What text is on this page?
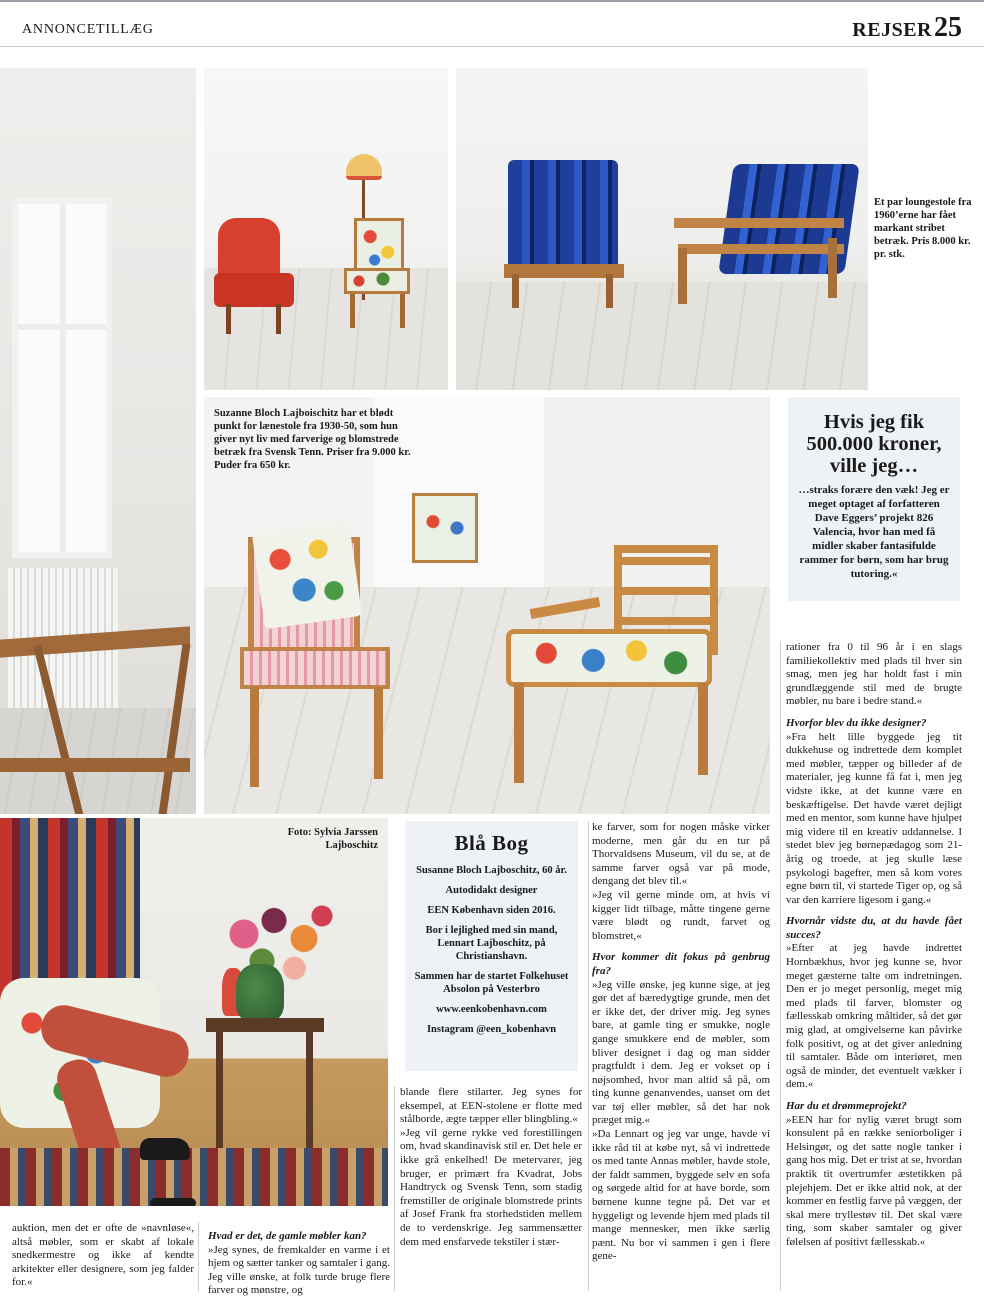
ANNONCETILLÆG	REJSER 25
Et par loungestole fra 1960’erne har fået markant stribet betræk. Pris 8.000 kr. pr. stk.
Suzanne Bloch Lajboischitz har et blødt punkt for lænestole fra 1930-50, som hun giver nyt liv med farverige og blomstrede betræk fra Svensk Tenn. Priser fra 9.000 kr. Puder fra 650 kr.
Foto: Sylvia Jarssen Lajboschitz
Hvis jeg fik 500.000 kroner, ville jeg…
…straks forære den væk! Jeg er meget optaget af forfatteren Dave Eggers’ projekt 826 Valencia, hvor han med få midler skaber fantasifulde rammer for børn, som har brug tutoring.«
Blå Bog
Susanne Bloch Lajboschitz, 60 år.
Autodidakt designer
EEN København siden 2016.
Bor i lejlighed med sin mand, Lennart Lajboschitz, på Christianshavn.
Sammen har de startet Folkehuset Absolon på Vesterbro
www.eenkobenhavn.com
Instagram @een_kobenhavn

auktion, men det er ofte de »navnløse«, altså møbler, som er skabt af lokale snedkermestre og ikke af kendte arkitekter eller designere, som jeg falder for.«

Hvad er det, de gamle møbler kan?

»Jeg synes, de fremkalder en varme i et hjem og sætter tanker og samtaler i gang. Jeg ville ønske, at folk turde bruge flere farver og mønstre, og

blande flere stilarter. Jeg synes for eksempel, at EEN-stolene er flotte med stålborde, ægte tæpper eller blingbling.«

»Jeg vil gerne rykke ved forestillingen om, hvad skandinavisk stil er. Det hele er ikke grå enkelhed! De metervarer, jeg bruger, er primært fra Kvadrat, Jobs Handtryck og Svensk Tenn, som stadig fremstiller de originale blomstrede prints af Josef Frank fra storhedstiden mellem de to verdenskrige. Jeg sammensætter dem med ensfarvede tekstiler i stær-

ke farver, som for nogen måske virker moderne, men går du en tur på Thorvaldsens Museum, vil du se, at de samme farver også var på mode, dengang det blev til.«

»Jeg vil gerne minde om, at hvis vi kigger lidt tilbage, måtte tingene gerne være blødt og rundt, farvet og blomstret,«

Hvor kommer dit fokus på genbrug fra?

»Jeg ville ønske, jeg kunne sige, at jeg gør det af bæredygtige grunde, men det er ikke det, der driver mig. Jeg synes bare, at gamle ting er smukke, nogle gange smukkere end de møbler, som bliver designet i dag og man sidder pragtfuldt i dem. Jeg er vokset op i nøjsomhed, hvor man altid så på, om ting kunne genanvendes, uanset om det var tøj eller møbler, så det har nok præget mig.«

»Da Lennart og jeg var unge, havde vi ikke råd til at købe nyt, så vi indrettede os med tante Annas møbler, havde stole, der faldt sammen, byggede selv en sofa og sørgede altid for at have borde, som børnene kunne tegne på. Det var et hyggeligt og levende hjem med plads til mange mennesker, men ikke særlig pænt. Nu bor vi sammen i gen i flere gene-

rationer fra 0 til 96 år i en slags familiekollektiv med plads til hver sin smag, men jeg har holdt fast i min grundlæggende stil med de brugte møbler, nu bare i bedre stand.«

Hvorfor blev du ikke designer?

»Fra helt lille byggede jeg tit dukkehuse og indrettede dem komplet med møbler, tæpper og billeder af de materialer, jeg kunne få fat i, men jeg vidste ikke, at det kunne være en beskæftigelse. Det havde været dejligt med en mentor, som kunne have hjulpet mig videre til en kreativ uddannelse. I stedet blev jeg børnepædagog som 21-årig og troede, at jeg skulle læse psykologi bagefter, men så kom vores egne børn til, vi startede Tiger op, og så var den karriere ligesom i gang.«

Hvornår vidste du, at du havde fået succes?

»Efter at jeg havde indrettet Hornbækhus, hvor jeg kunne se, hvor meget gæsterne talte om indretningen. Den er jo meget personlig, meget mig med plads til farver, blomster og fællesskab omkring måltider, så det gør mig glad, at omgivelserne kan påvirke folk positivt, og at det giver anledning til samtaler. Både om interiøret, men også de minder, det eventuelt vækker i dem.«

Har du et drømmeprojekt?

»EEN har for nylig været brugt som konsulent på en række seniorboliger i Helsingør, og det satte nogle tanker i gang hos mig. Det er trist at se, hvordan praktik tit overtrumfer æstetikken på plejehjem. Det er ikke altid nok, at der kommer en festlig farve på væggen, der skal mere tryllestøv til. Det skal være ting, som skaber samtaler og giver følelsen af positivt fællesskab.«
